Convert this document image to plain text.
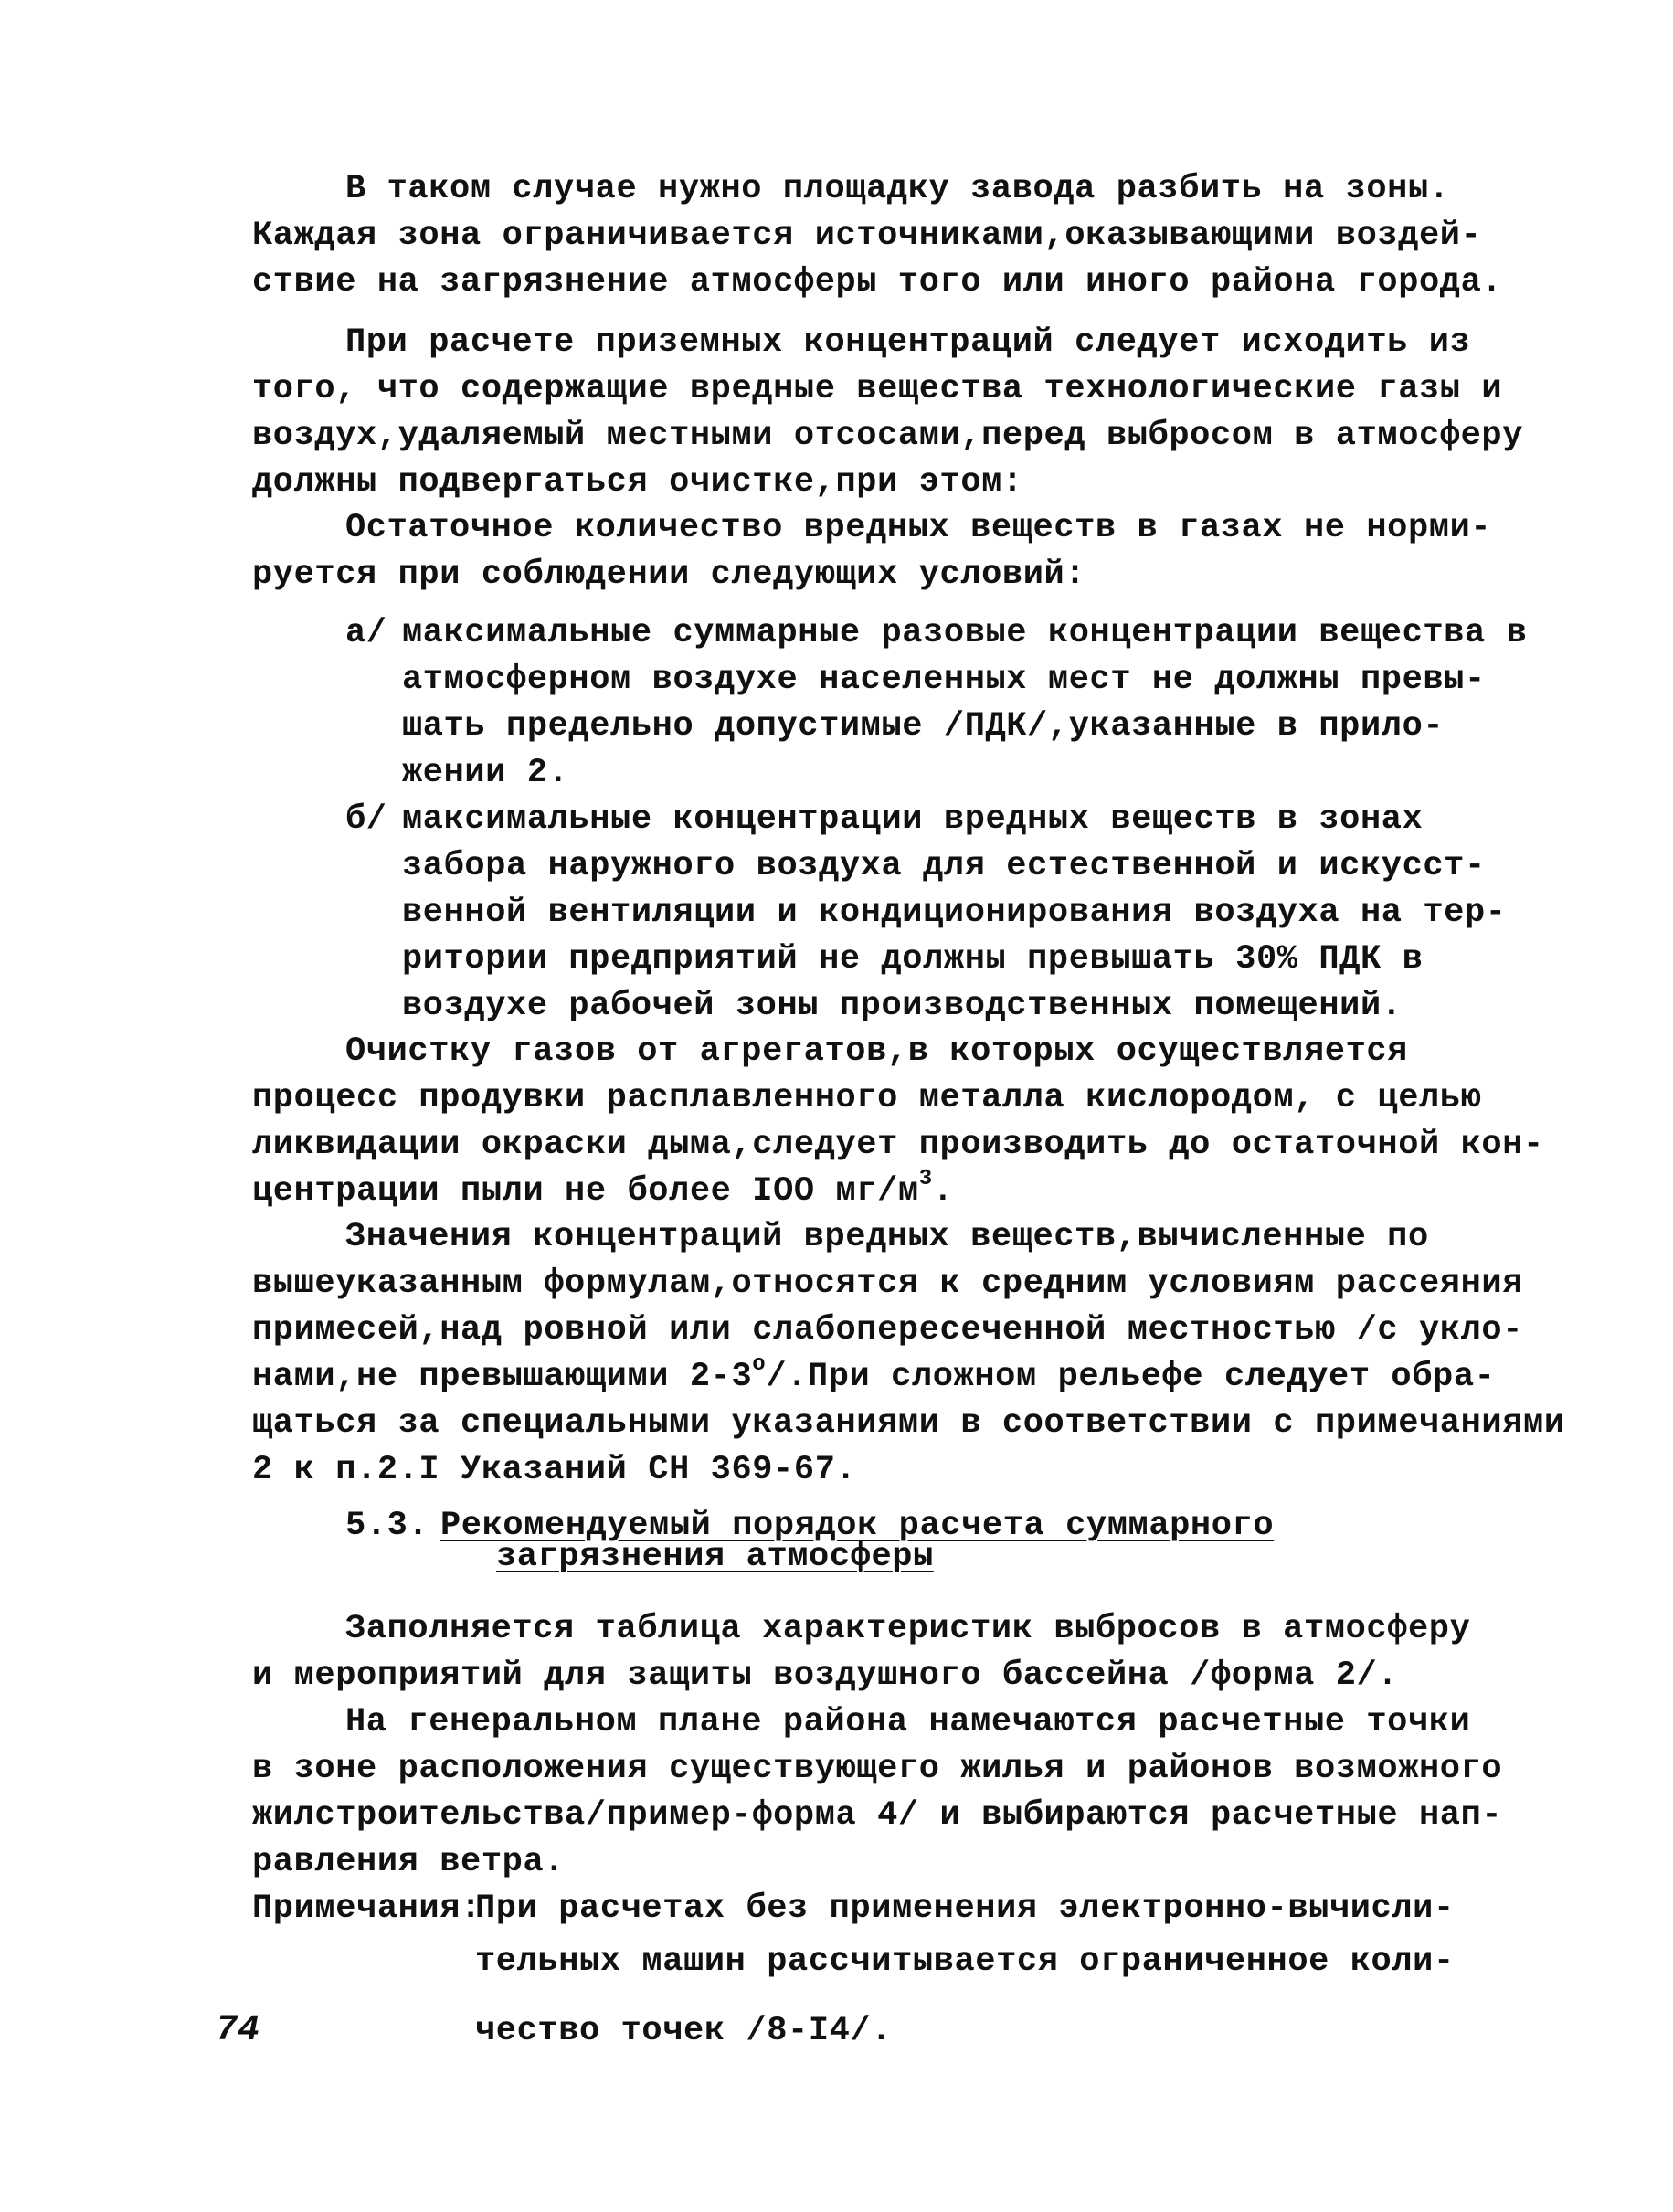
В таком случае нужно площадку завода разбить на зоны.
Каждая зона ограничивается источниками,оказывающими воздей-
ствие на загрязнение атмосферы того или иного района города.
При расчете приземных концентраций следует исходить из
того, что содержащие вредные вещества технологические газы и
воздух,удаляемый местными отсосами,перед выбросом в атмосферу
должны подвергаться очистке,при этом:
Остаточное количество вредных веществ в газах не норми-
руется при соблюдении следующих условий:
а/ максимальные суммарные разовые концентрации вещества в
атмосферном воздухе населенных мест не должны превы-
шать предельно допустимые /ПДК/,указанные в прило-
жении 2.
б/ максимальные концентрации вредных веществ в зонах
забора наружного воздуха для естественной и искусст-
венной вентиляции и кондиционирования воздуха на тер-
ритории предприятий не должны превышать 30% ПДК в
воздухе рабочей зоны производственных помещений.
Очистку газов от агрегатов,в которых осуществляется
процесс продувки расплавленного металла кислородом, с целью
ликвидации окраски дыма,следует производить до остаточной кон-
центрации пыли не более IOO $мг/м^3$.
Значения концентраций вредных веществ,вычисленные по
вышеуказанным формулам,относятся к средним условиям рассеяния
примесей,над ровной или слабопересеченной местностью /с укло-
нами,не превышающими $2-3^о/.При$ сложном рельефе следует обра-
щаться за специальными указаниями в соответствии с примечаниями
2 к п.2.I Указаний СН 369-67.
5.3. Рекомендуемый порядок расчета суммарного
загрязнения атмосферы
Заполняется таблица характеристик выбросов в атмосферу
и мероприятий для защиты воздушного бассейна /форма 2/.
На генеральном плане района намечаются расчетные точки
в зоне расположения существующего жилья и районов возможного
жилстроительства/пример-форма 4/ и выбираются расчетные нап-
равления ветра.
Примечания:
При расчетах без применения электронно-вычисли-
тельных машин рассчитывается ограниченное коли-
чество точек /8-I4/.
74
